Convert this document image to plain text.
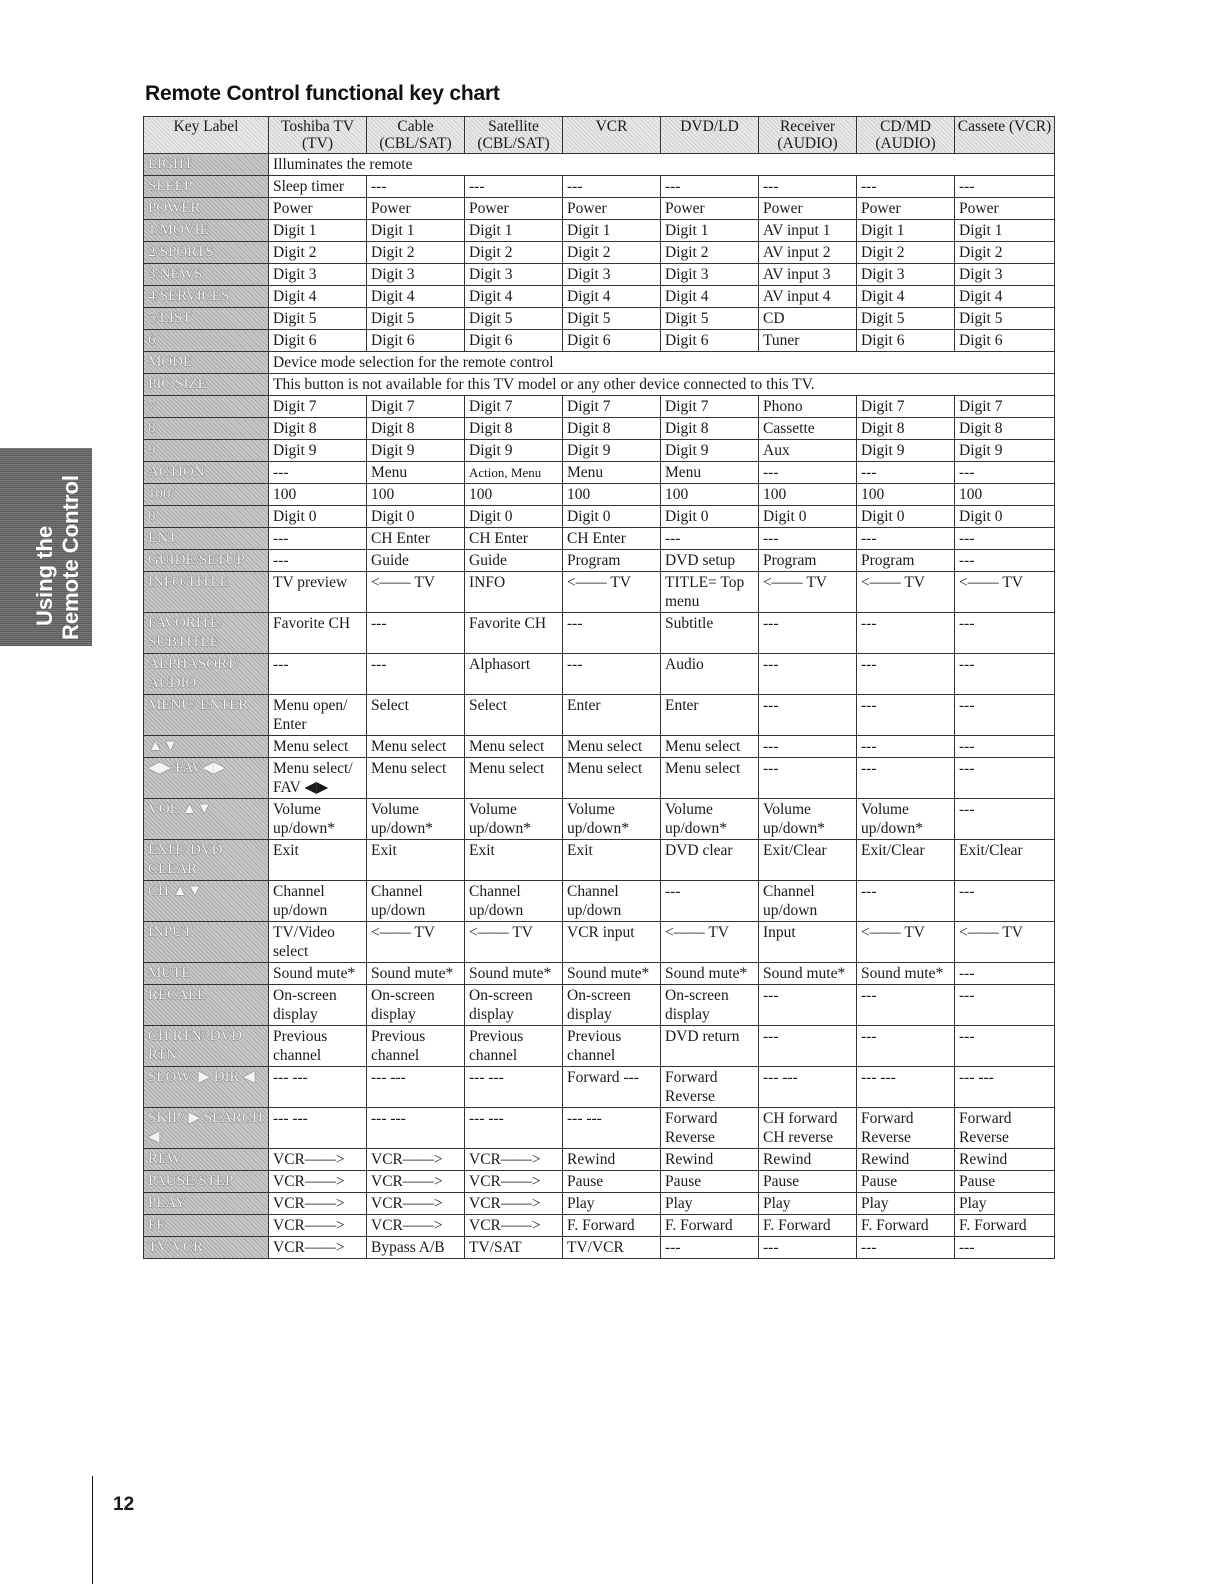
Remote Control functional key chart
Using the Remote Control
Key Label	Toshiba TV (TV)	Cable (CBL/SAT)	Satellite (CBL/SAT)	VCR	DVD/LD	Receiver (AUDIO)	CD/MD (AUDIO)	Cassete (VCR)
LIGHT	Illuminates the remote							
SLEEP	Sleep timer	---	---	---	---	---	---	---
POWER	Power	Power	Power	Power	Power	Power	Power	Power
1/MOVIE	Digit 1	Digit 1	Digit 1	Digit 1	Digit 1	AV input 1	Digit 1	Digit 1
2/SPORTS	Digit 2	Digit 2	Digit 2	Digit 2	Digit 2	AV input 2	Digit 2	Digit 2
3/NEWS	Digit 3	Digit 3	Digit 3	Digit 3	Digit 3	AV input 3	Digit 3	Digit 3
4/SERVICES	Digit 4	Digit 4	Digit 4	Digit 4	Digit 4	AV input 4	Digit 4	Digit 4
5/LIST	Digit 5	Digit 5	Digit 5	Digit 5	Digit 5	CD	Digit 5	Digit 5
6	Digit 6	Digit 6	Digit 6	Digit 6	Digit 6	Tuner	Digit 6	Digit 6
MODE	Device mode selection for the remote control							
PIC SIZE	This button is not available for this TV model or any other device connected to this TV.							
7	Digit 7	Digit 7	Digit 7	Digit 7	Digit 7	Phono	Digit 7	Digit 7
8	Digit 8	Digit 8	Digit 8	Digit 8	Digit 8	Cassette	Digit 8	Digit 8
9	Digit 9	Digit 9	Digit 9	Digit 9	Digit 9	Aux	Digit 9	Digit 9
ACTION	---	Menu	Action, Menu	Menu	Menu	---	---	---
100/	100	100	100	100	100	100	100	100
0	Digit 0	Digit 0	Digit 0	Digit 0	Digit 0	Digit 0	Digit 0	Digit 0
ENT	---	CH Enter	CH Enter	CH Enter	---	---	---	---
GUIDE/SETUP	---	Guide	Guide	Program	DVD setup	Program	Program	---
INFO/TITLE	TV preview	<—— TV	INFO	<—— TV	TITLE= Top menu	<—— TV	<—— TV	<—— TV
FAVORITE/ SUBTITLE	Favorite CH	---	Favorite CH	---	Subtitle	---	---	---
ALPHASORT/ AUDIO	---	---	Alphasort	---	Audio	---	---	---
MENU/ ENTER	Menu open/ Enter	Select	Select	Enter	Enter	---	---	---
▲▼	Menu select	Menu select	Menu select	Menu select	Menu select	---	---	---
◀▶/FAV◀▶	Menu select/ FAV ◀▶	Menu select	Menu select	Menu select	Menu select	---	---	---
VOL ▲▼	Volume up/down*	Volume up/down*	Volume up/down*	Volume up/down*	Volume up/down*	Volume up/down*	Volume up/down*	---
EXIT/ DVD CLEAR	Exit	Exit	Exit	Exit	DVD clear	Exit/Clear	Exit/Clear	Exit/Clear
CH ▲▼	Channel up/down	Channel up/down	Channel up/down	Channel up/down	---	Channel up/down	---	---
INPUT	TV/Video select	<—— TV	<—— TV	VCR input	<—— TV	Input	<—— TV	<—— TV
MUTE	Sound mute*	Sound mute*	Sound mute*	Sound mute*	Sound mute*	Sound mute*	Sound mute*	---
RECALL	On-screen display	On-screen display	On-screen display	On-screen display	On-screen display	---	---	---
CH RTN/ DVD RTN	Previous channel	Previous channel	Previous channel	Previous channel	DVD return	---	---	---
SLOW/ ▶ DIR ◀	--- ---	--- ---	--- ---	Forward ---	Forward Reverse	--- ---	--- ---	--- ---
SKIP/ ▶ SEARCH ◀	--- ---	--- ---	--- ---	--- ---	Forward Reverse	CH forward CH reverse	Forward Reverse	Forward Reverse
REW	VCR——>	VCR——>	VCR——>	Rewind	Rewind	Rewind	Rewind	Rewind
PAUSE/STEP	VCR——>	VCR——>	VCR——>	Pause	Pause	Pause	Pause	Pause
PLAY	VCR——>	VCR——>	VCR——>	Play	Play	Play	Play	Play
FF	VCR——>	VCR——>	VCR——>	F. Forward	F. Forward	F. Forward	F. Forward	F. Forward
TV/VCR	VCR——>	Bypass A/B	TV/SAT	TV/VCR	---	---	---	---
12
